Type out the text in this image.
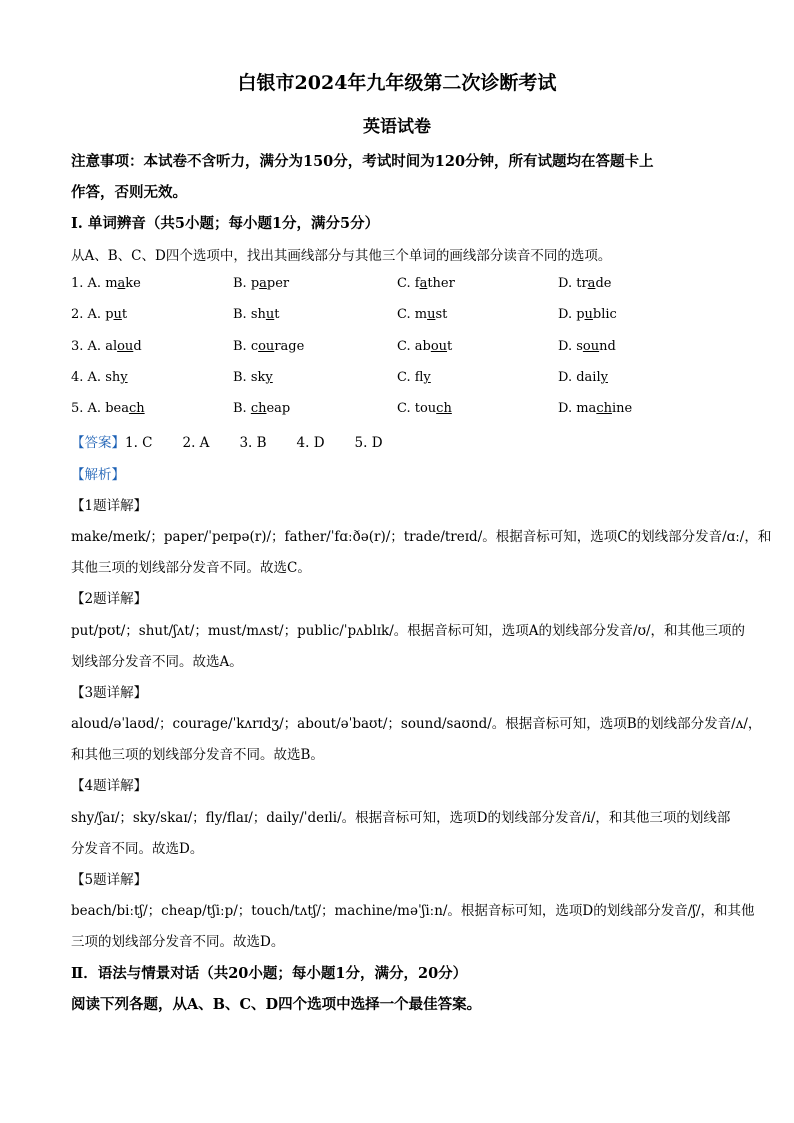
白银市2024年九年级第二次诊断考试
英语试卷
注意事项：本试卷不含听力，满分为150分，考试时间为120分钟，所有试题均在答题卡上
作答，否则无效。
I. 单词辨音（共5小题；每小题1分，满分5分）
从A、B、C、D四个选项中，找出其画线部分与其他三个单词的画线部分读音不同的选项。
1. A. make	B. paper	C. father	D. trade
2. A. put	B. shut	C. must	D. public
3. A. aloud	B. courage	C. about	D. sound
4. A. shy	B. sky	C. fly	D. daily
5. A. beach	B. cheap	C. touch	D. machine
【答案】1. C 2. A 3. B 4. D 5. D
【解析】
【1题详解】
make/meɪk/；paper/ˈpeɪpə(r)/；father/ˈfɑːðə(r)/；trade/treɪd/。根据音标可知，选项C的划线部分发音/ɑː/，和
其他三项的划线部分发音不同。故选C。
【2题详解】
put/pʊt/；shut/ʃʌt/；must/mʌst/；public/ˈpʌblɪk/。根据音标可知，选项A的划线部分发音/ʊ/，和其他三项的
划线部分发音不同。故选A。
【3题详解】
aloud/əˈlaʊd/；courage/ˈkʌrɪdʒ/；about/əˈbaʊt/；sound/saʊnd/。根据音标可知，选项B的划线部分发音/ʌ/，
和其他三项的划线部分发音不同。故选B。
【4题详解】
shy/ʃaɪ/；sky/skaɪ/；fly/flaɪ/；daily/ˈdeɪli/。根据音标可知，选项D的划线部分发音/i/，和其他三项的划线部
分发音不同。故选D。
【5题详解】
beach/biːtʃ/；cheap/tʃiːp/；touch/tʌtʃ/；machine/məˈʃiːn/。根据音标可知，选项D的划线部分发音/ʃ/，和其他
三项的划线部分发音不同。故选D。
Ⅱ．语法与情景对话（共20小题；每小题1分，满分，20分）
阅读下列各题，从A、B、C、D四个选项中选择一个最佳答案。
